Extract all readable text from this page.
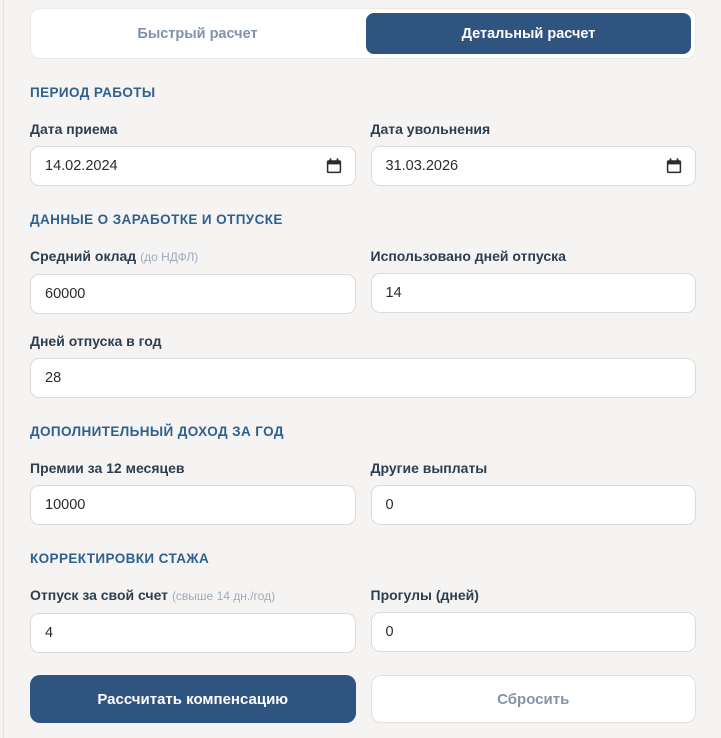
Быстрый расчет	Детальный расчет
ПЕРИОД РАБОТЫ
Дата приема
14.02.2024
Дата увольнения
31.03.2026
ДАННЫЕ О ЗАРАБОТКЕ И ОТПУСКЕ
Средний оклад (до НДФЛ)
60000	Использовано дней отпуска
14
Дней отпуска в год
28
ДОПОЛНИТЕЛЬНЫЙ ДОХОД ЗА ГОД
Премии за 12 месяцев
10000	Другие выплаты
0
КОРРЕКТИРОВКИ СТАЖА
Отпуск за свой счет (свыше 14 дн./год)
4	Прогулы (дней)
0
Рассчитать компенсацию	Сбросить
